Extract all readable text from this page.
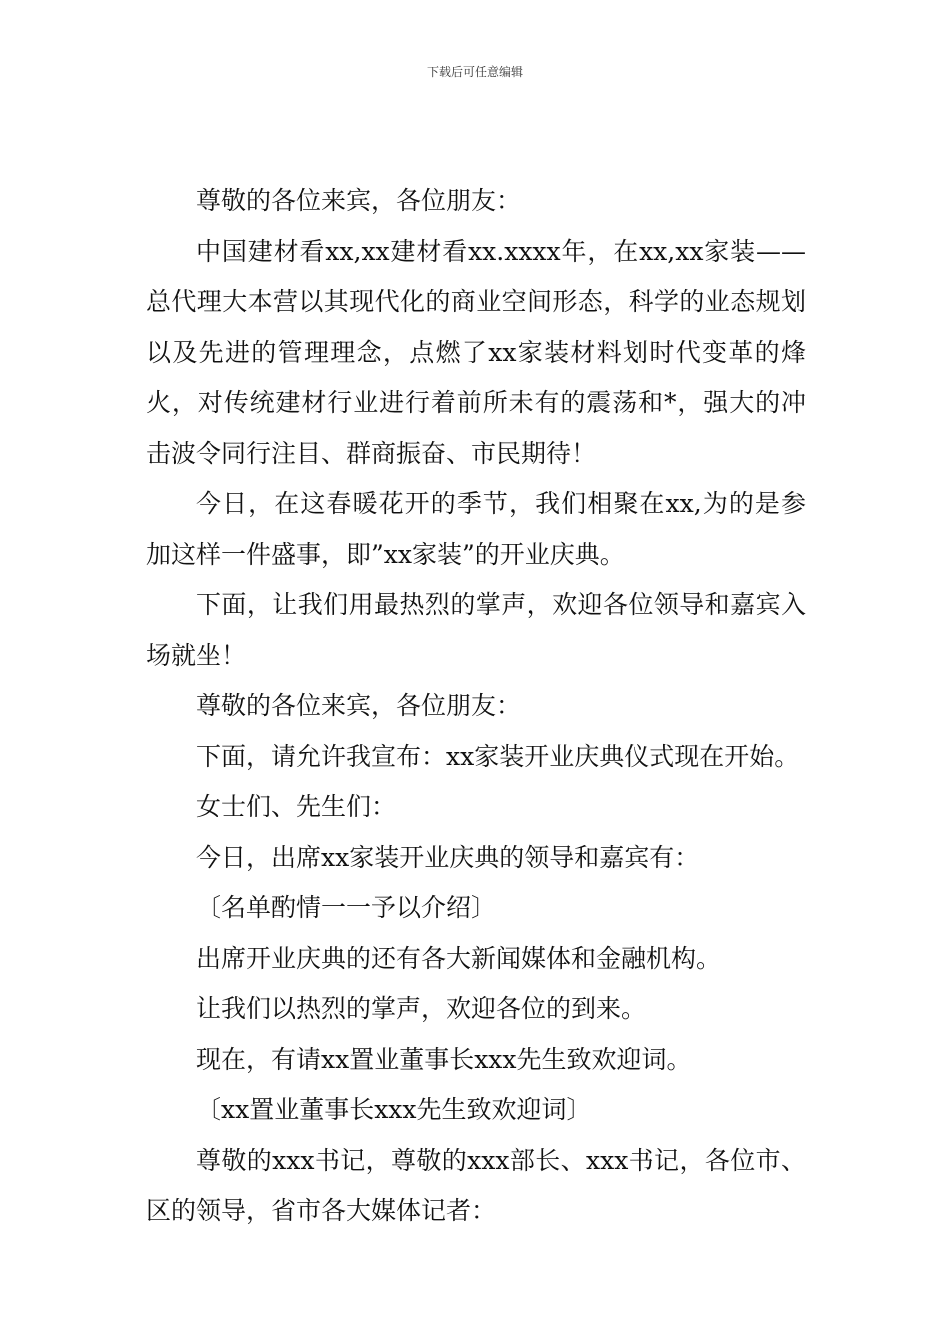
下载后可任意编辑

尊敬的各位来宾，各位朋友：

中国建材看xx,xx建材看xx.xxxx年，在xx,xx家装——总代理大本营以其现代化的商业空间形态，科学的业态规划以及先进的管理理念，点燃了xx家装材料划时代变革的烽火，对传统建材行业进行着前所未有的震荡和*，强大的冲击波令同行注目、群商振奋、市民期待！

今日，在这春暖花开的季节，我们相聚在xx,为的是参加这样一件盛事，即”xx家装”的开业庆典。

下面，让我们用最热烈的掌声，欢迎各位领导和嘉宾入场就坐！

尊敬的各位来宾，各位朋友：

下面，请允许我宣布：xx家装开业庆典仪式现在开始。

女士们、先生们：

今日，出席xx家装开业庆典的领导和嘉宾有：

〔名单酌情一一予以介绍〕

出席开业庆典的还有各大新闻媒体和金融机构。

让我们以热烈的掌声，欢迎各位的到来。

现在，有请xx置业董事长xxx先生致欢迎词。

〔xx置业董事长xxx先生致欢迎词〕

尊敬的xxx书记，尊敬的xxx部长、xxx书记，各位市、区的领导，省市各大媒体记者：
